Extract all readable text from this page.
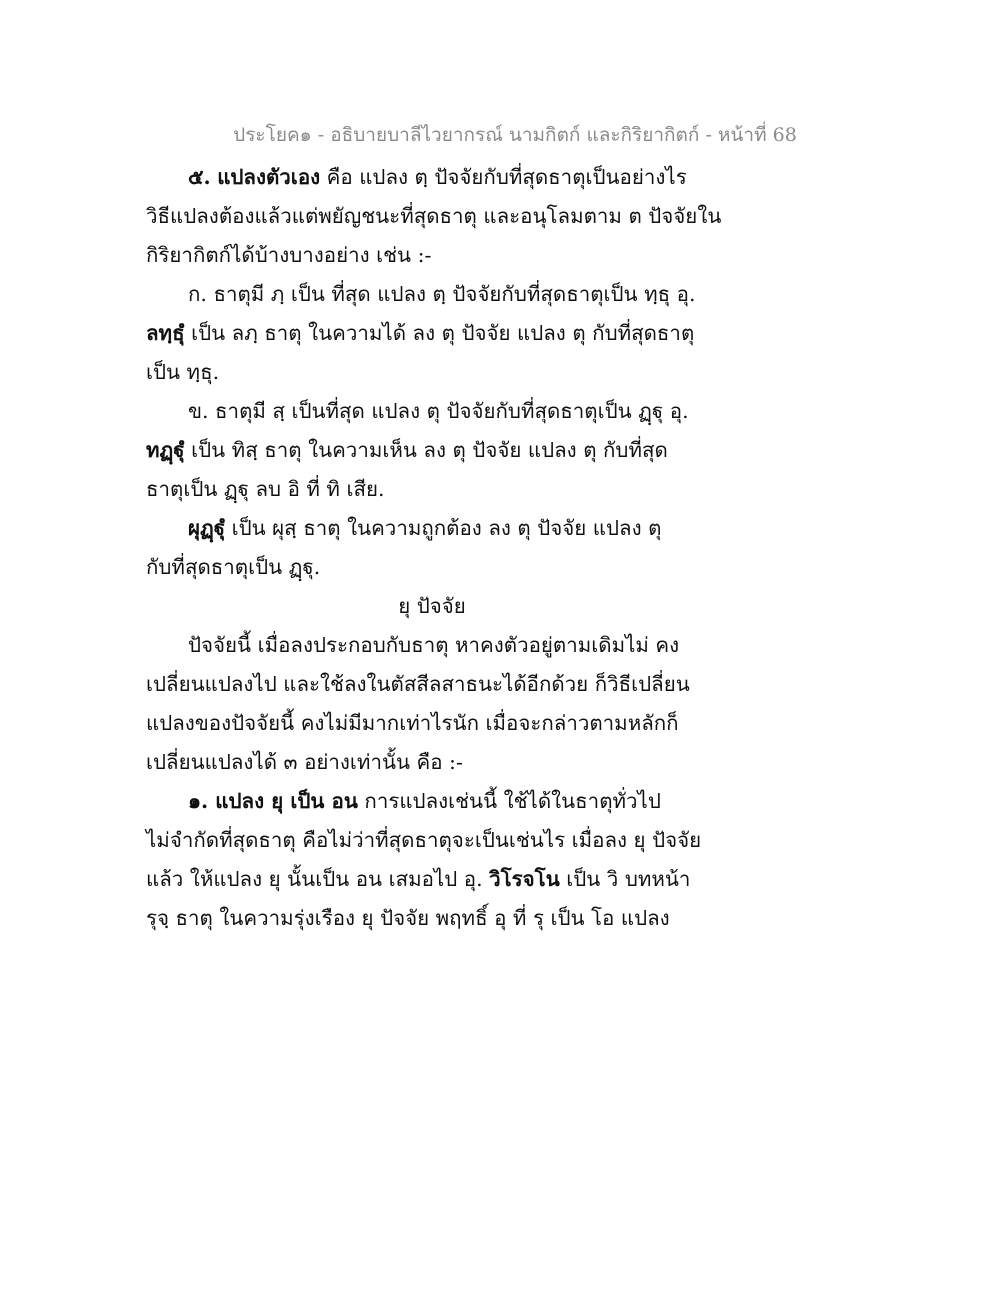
ประโยค๑ - อธิบายบาลีไวยากรณ์ นามกิตก์ และกิริยากิตก์ - หน้าที่ 68
๕. แปลงตัวเอง คือ แปลง ตฺ ปัจจัยกับที่สุดธาตุเป็นอย่างไร
วิธีแปลงต้องแล้วแต่พยัญชนะที่สุดธาตุ และอนุโลมตาม ต ปัจจัยใน
กิริยากิตก์ได้บ้างบางอย่าง เช่น :-
ก. ธาตุมี ภฺ เป็น ที่สุด แปลง ตฺ ปัจจัยกับที่สุดธาตุเป็น ทฺธุ อุ.
ลทฺธุํ เป็น ลภฺ ธาตุ ในความได้ ลง ตุ ปัจจัย แปลง ตุ กับที่สุดธาตุ
เป็น ทฺธุ.
ข. ธาตุมี สฺ เป็นที่สุด แปลง ตุ ปัจจัยกับที่สุดธาตุเป็น ฏฺฐุ อุ.
ทฏฺฐุํ เป็น ทิสฺ ธาตุ ในความเห็น ลง ตุ ปัจจัย แปลง ตุ กับที่สุด
ธาตุเป็น ฏฺฐุ ลบ อิ ที่ ทิ เสีย.
ผุฏฺฐุํ เป็น ผุสฺ ธาตุ ในความถูกต้อง ลง ตุ ปัจจัย แปลง ตุ
กับที่สุดธาตุเป็น ฏฺฐุ.
ยุ ปัจจัย
ปัจจัยนี้ เมื่อลงประกอบกับธาตุ หาคงตัวอยู่ตามเดิมไม่ คง
เปลี่ยนแปลงไป และใช้ลงในตัสสีลสาธนะได้อีกด้วย ก็วิธีเปลี่ยน
แปลงของปัจจัยนี้ คงไม่มีมากเท่าไรนัก เมื่อจะกล่าวตามหลักก็
เปลี่ยนแปลงได้ ๓ อย่างเท่านั้น คือ :-
๑. แปลง ยุ เป็น อน การแปลงเช่นนี้ ใช้ได้ในธาตุทั่วไป
ไม่จำกัดที่สุดธาตุ คือไม่ว่าที่สุดธาตุจะเป็นเช่นไร เมื่อลง ยุ ปัจจัย
แล้ว ให้แปลง ยุ นั้นเป็น อน เสมอไป อุ. วิโรจโน เป็น วิ บทหน้า
รุจฺ ธาตุ ในความรุ่งเรือง ยุ ปัจจัย พฤทธิ์ อุ ที่ รุ เป็น โอ แปลง
